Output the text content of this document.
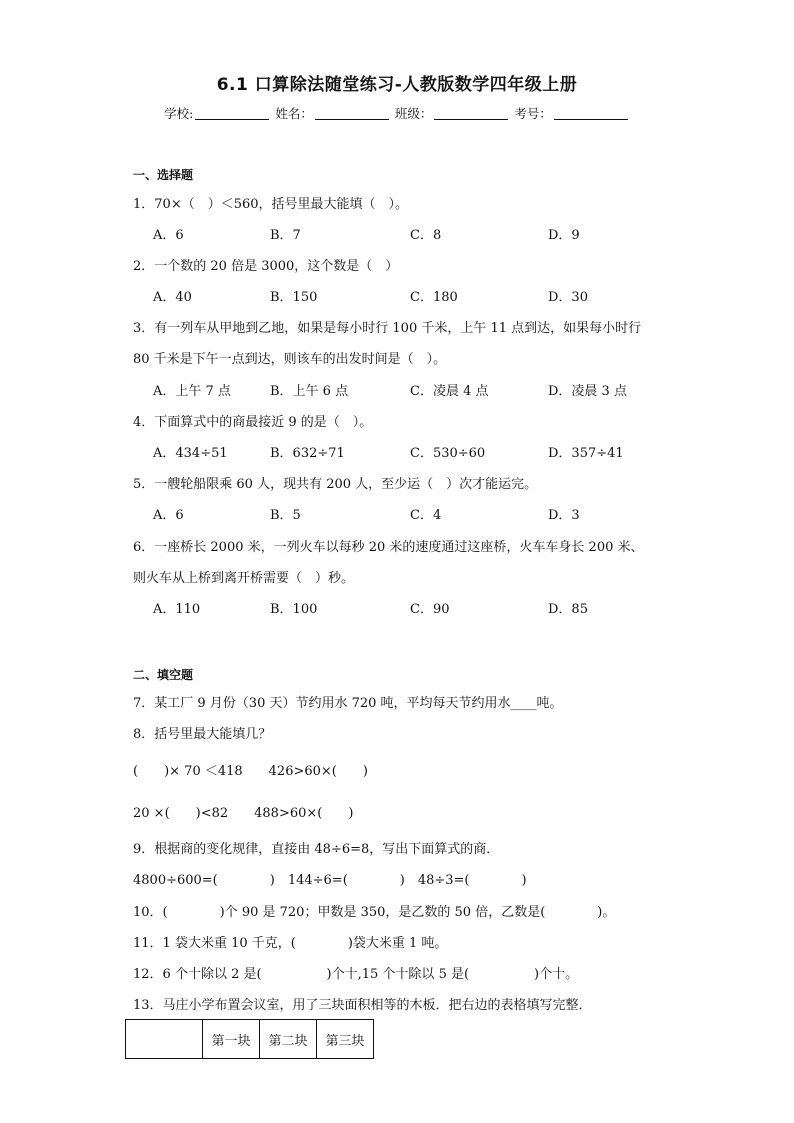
6.1 口算除法随堂练习-人教版数学四年级上册
学校:	姓名：	班级：	考号：
一、选择题
1．70×（　）＜560，括号里最大能填（　）。
A．6	B．7	C．8	D．9
2．一个数的 20 倍是 3000，这个数是（　）
A．40	B．150	C．180	D．30
3．有一列车从甲地到乙地，如果是每小时行 100 千米，上午 11 点到达，如果每小时行
80 千米是下午一点到达，则该车的出发时间是（　）。
A．上午 7 点	B．上午 6 点	C．凌晨 4 点	D．凌晨 3 点
4．下面算式中的商最接近 9 的是（　）。
A．434÷51	B．632÷71	C．530÷60	D．357÷41
5．一艘轮船限乘 60 人，现共有 200 人，至少运（　）次才能运完。
A．6	B．5	C．4	D．3
6．一座桥长 2000 米，一列火车以每秒 20 米的速度通过这座桥，火车车身长 200 米、
则火车从上桥到离开桥需要（　）秒。
A．110	B．100	C．90	D．85
二、填空题
7．某工厂 9 月份（30 天）节约用水 720 吨，平均每天节约用水____吨。
8．括号里最大能填几？
(　　)× 70 ＜418　　426>60×(　　)
20 ×(　　)<82　　488>60×(　　)
9．根据商的变化规律，直接由 48÷6=8，写出下面算式的商．
4800÷600=(　　　　)　144÷6=(　　　　)　48÷3=(　　　　)
10．(　　　　)个 90 是 720；甲数是 350，是乙数的 50 倍，乙数是(　　　　)。
11．1 袋大米重 10 千克，(　　　　)袋大米重 1 吨。
12．6 个十除以 2 是(　　　　　)个十,15 个十除以 5 是(　　　　　)个十。
13．马庄小学布置会议室，用了三块面积相等的木板．把右边的表格填写完整．
	第一块	第二块	第三块
